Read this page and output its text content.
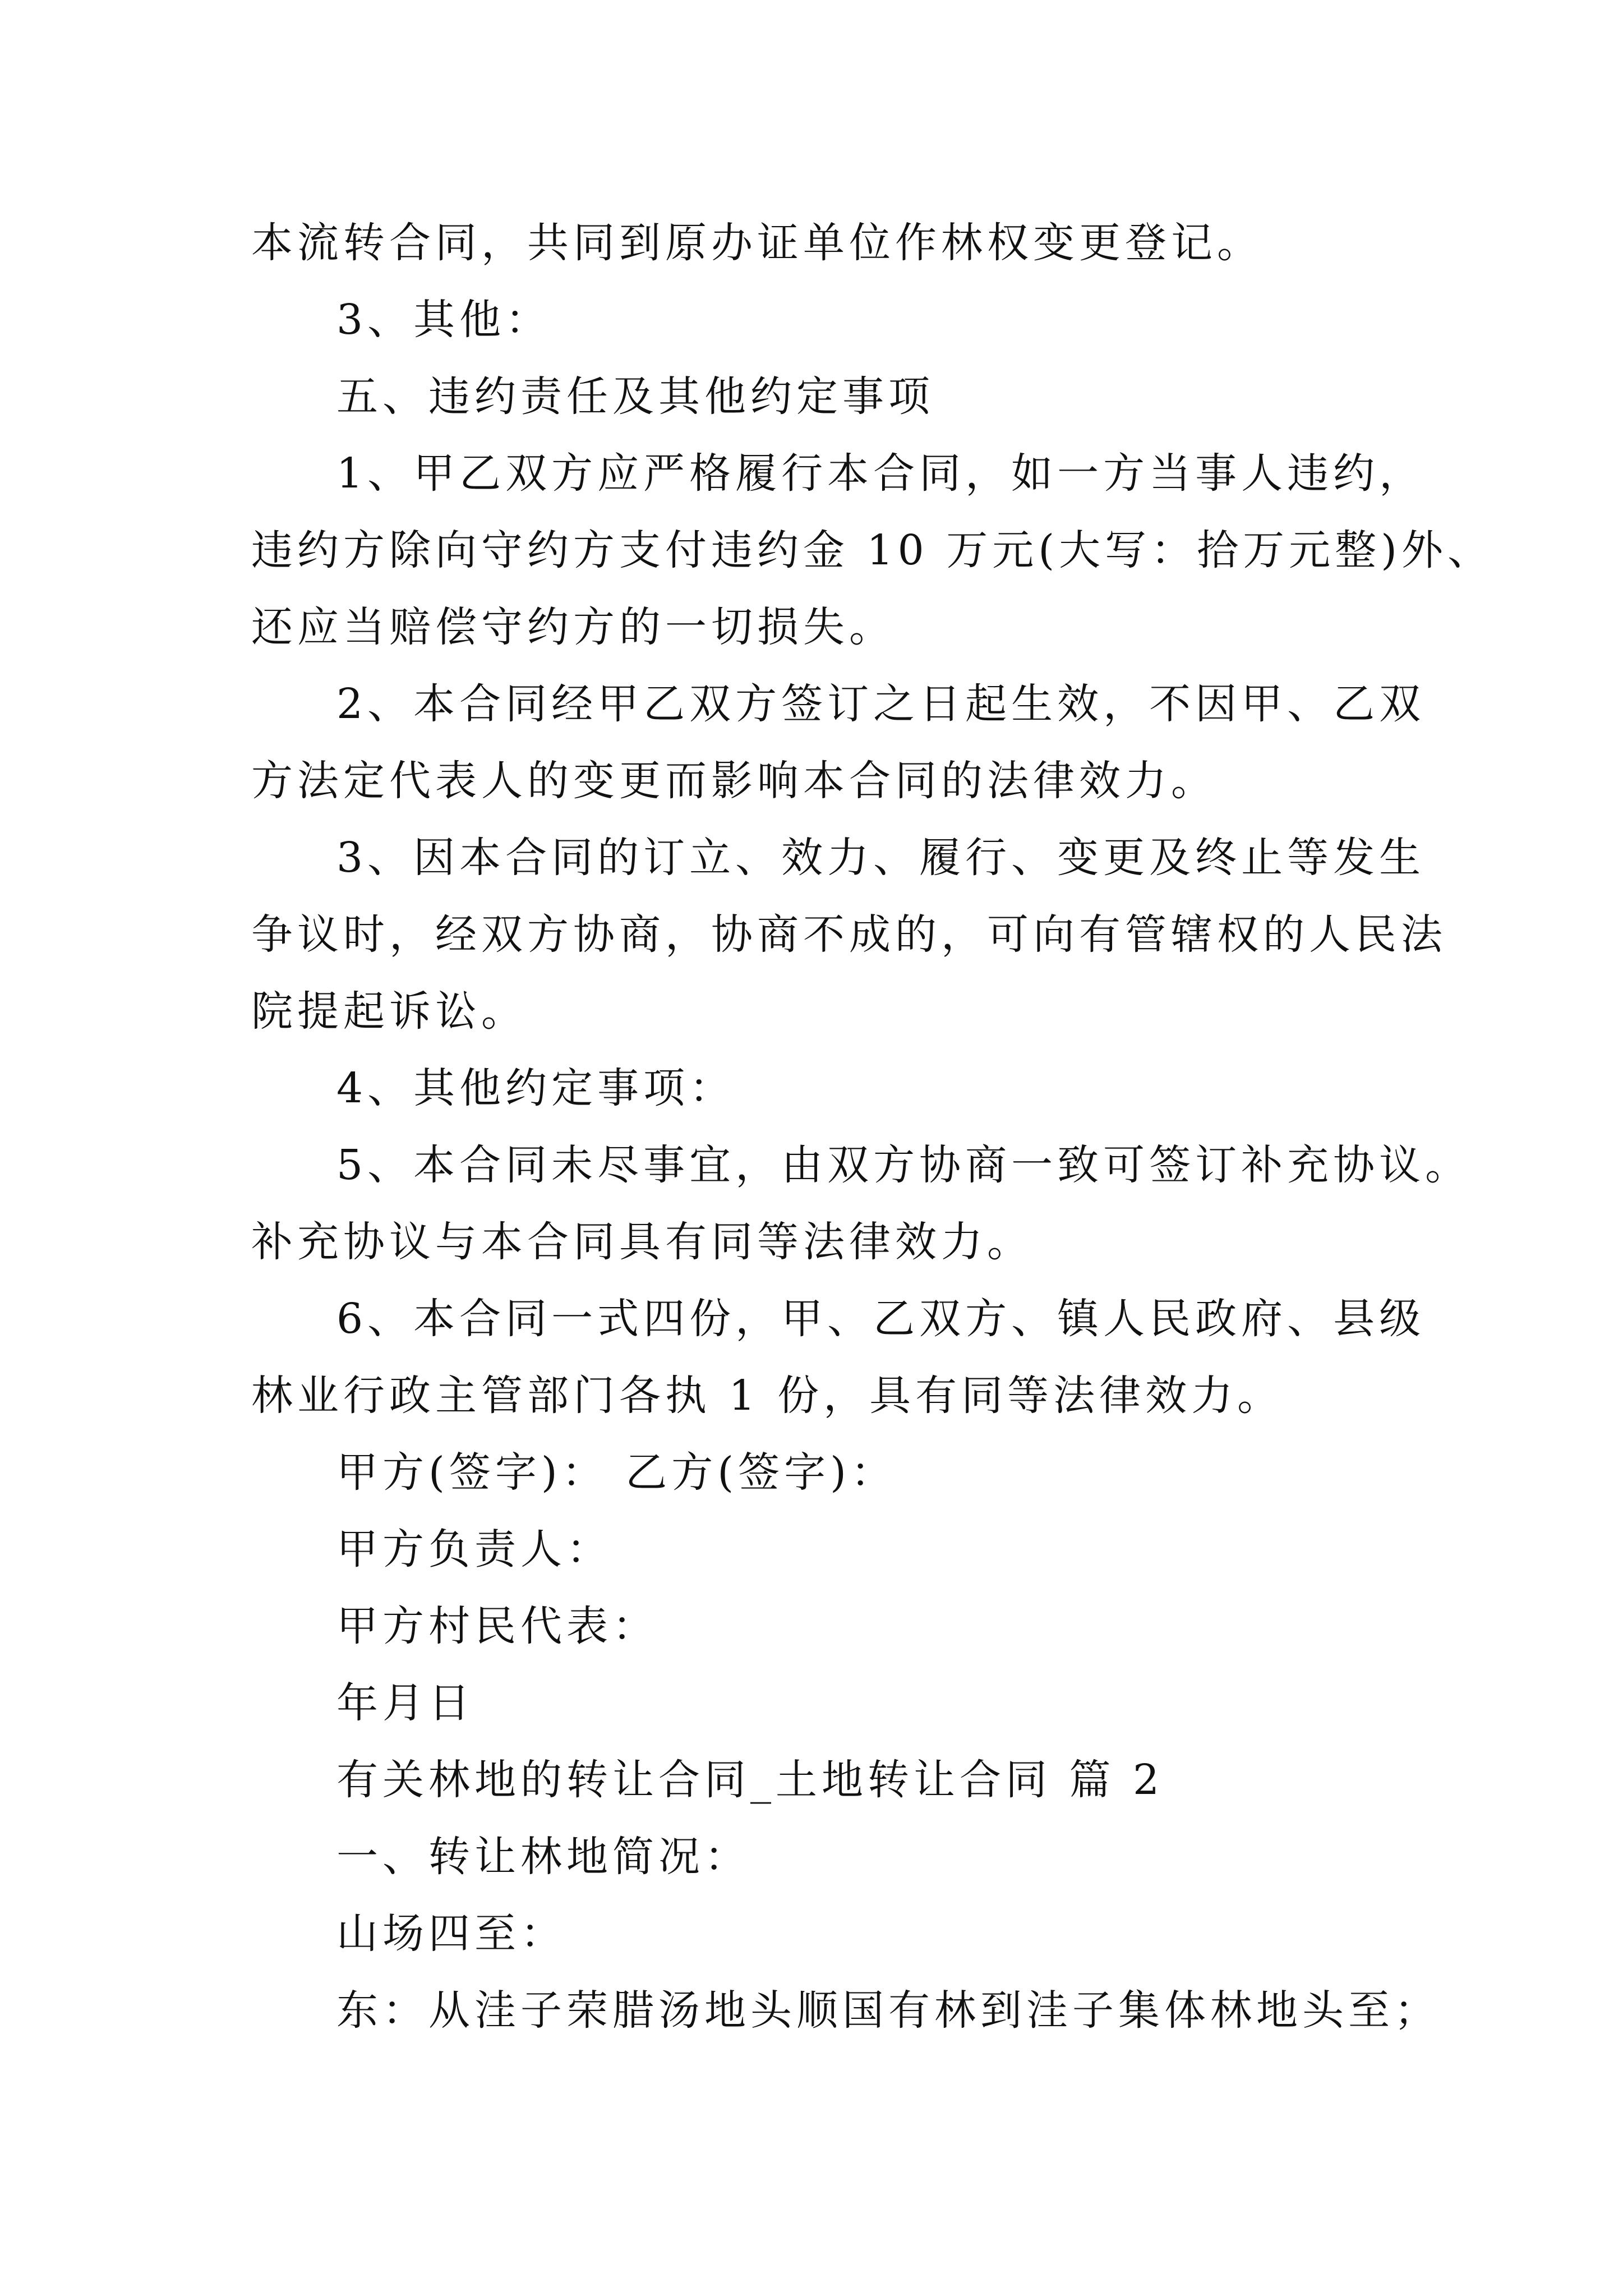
本流转合同，共同到原办证单位作林权变更登记。
3、其他：
五、违约责任及其他约定事项
1、甲乙双方应严格履行本合同，如一方当事人违约，
违约方除向守约方支付违约金 10 万元(大写：拾万元整)外、
还应当赔偿守约方的一切损失。
2、本合同经甲乙双方签订之日起生效，不因甲、乙双
方法定代表人的变更而影响本合同的法律效力。
3、因本合同的订立、效力、履行、变更及终止等发生
争议时，经双方协商，协商不成的，可向有管辖权的人民法
院提起诉讼。
4、其他约定事项：
5、本合同未尽事宜，由双方协商一致可签订补充协议。
补充协议与本合同具有同等法律效力。
6、本合同一式四份，甲、乙双方、镇人民政府、县级
林业行政主管部门各执 1 份，具有同等法律效力。
甲方(签字)： 乙方(签字)：
甲方负责人：
甲方村民代表：
年月日
有关林地的转让合同_土地转让合同 篇 2
一、转让林地简况：
山场四至：
东：从洼子荣腊汤地头顺国有林到洼子集体林地头至；
